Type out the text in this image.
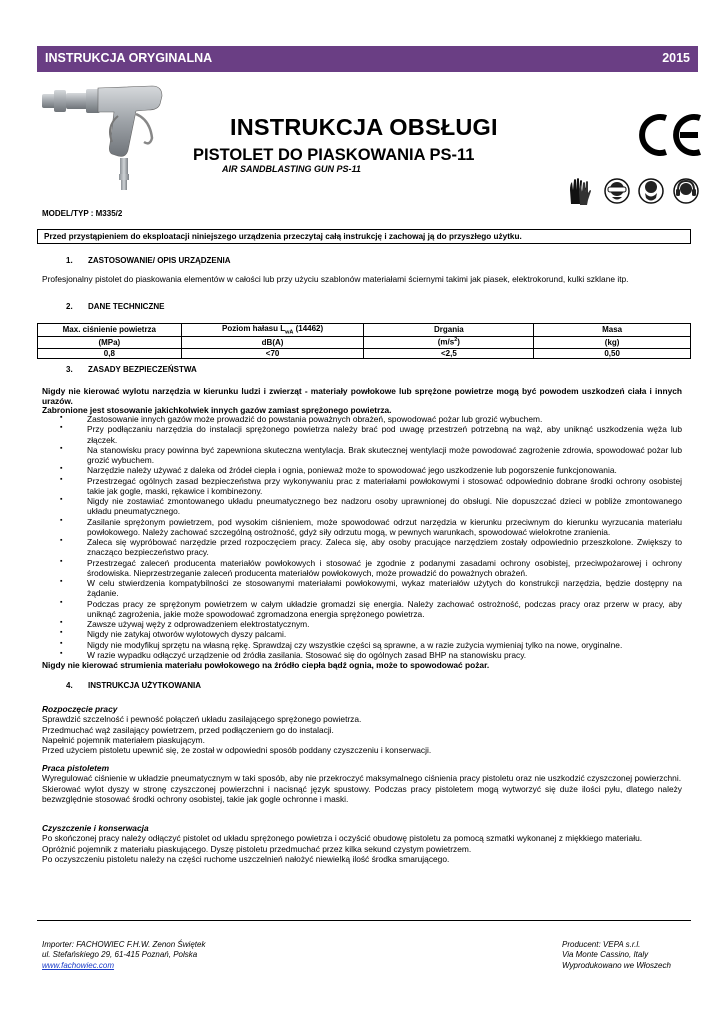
INSTRUKCJA ORYGINALNA	2015
INSTRUKCJA OBSŁUGI
PISTOLET DO PIASKOWANIA PS-11
AIR SANDBLASTING GUN PS-11
MODEL/TYP : M335/2
Przed przystąpieniem do eksploatacji niniejszego urządzenia przeczytaj całą instrukcję i zachowaj ją do przyszłego użytku.
1. ZASTOSOWANIE/ OPIS URZĄDZENIA
Profesjonalny pistolet do piaskowania elementów w całości lub przy użyciu szablonów materiałami ściernymi takimi jak piasek, elektrokorund, kulki szklane itp.
2. DANE TECHNICZNE
Max. ciśnienie powietrza	Poziom hałasu $L_{wA}$ (14462)	Drgania	Masa
(MPa)	dB(A)	$(m/s^2)$	(kg)
0,8	<70	<2,5	0,50
3. ZASADY BEZPIECZEŃSTWA
Nigdy nie kierować wylotu narzędzia w kierunku ludzi i zwierząt - materiały powłokowe lub sprężone powietrze mogą być powodem uszkodzeń ciała i innych urazów.
Zabronione jest stosowanie jakichkolwiek innych gazów zamiast sprężonego powietrza.
▪ Zastosowanie innych gazów może prowadzić do powstania poważnych obrażeń, spowodować pożar lub grozić wybuchem.
▪ Przy podłączaniu narzędzia do instalacji sprężonego powietrza należy brać pod uwagę przestrzeń potrzebną na wąż, aby uniknąć uszkodzenia węża lub złączek.
▪ Na stanowisku pracy powinna być zapewniona skuteczna wentylacja. Brak skutecznej wentylacji może powodować zagrożenie zdrowia, spowodować pożar lub grozić wybuchem.
▪ Narzędzie należy używać z daleka od źródeł ciepła i ognia, ponieważ może to spowodować jego uszkodzenie lub pogorszenie funkcjonowania.
▪ Przestrzegać ogólnych zasad bezpieczeństwa przy wykonywaniu prac z materiałami powłokowymi i stosować odpowiednio dobrane środki ochrony osobistej takie jak gogle, maski, rękawice i kombinezony.
▪ Nigdy nie zostawiać zmontowanego układu pneumatycznego bez nadzoru osoby uprawnionej do obsługi. Nie dopuszczać dzieci w pobliże zmontowanego układu pneumatycznego.
▪ Zasilanie sprężonym powietrzem, pod wysokim ciśnieniem, może spowodować odrzut narzędzia w kierunku przeciwnym do kierunku wyrzucania materiału powłokowego. Należy zachować szczególną ostrożność, gdyż siły odrzutu mogą, w pewnych warunkach, spowodować wielokrotne zranienia.
▪ Zaleca się wypróbować narzędzie przed rozpoczęciem pracy. Zaleca się, aby osoby pracujące narzędziem zostały odpowiednio przeszkolone. Zwiększy to znacząco bezpieczeństwo pracy.
▪ Przestrzegać zaleceń producenta materiałów powłokowych i stosować je zgodnie z podanymi zasadami ochrony osobistej, przeciwpożarowej i ochrony środowiska. Nieprzestrzeganie zaleceń producenta materiałów powłokowych, może prowadzić do poważnych obrażeń.
▪ W celu stwierdzenia kompatybilności ze stosowanymi materiałami powłokowymi, wykaz materiałów użytych do konstrukcji narzędzia, będzie dostępny na żądanie.
▪ Podczas pracy ze sprężonym powietrzem w całym układzie gromadzi się energia. Należy zachować ostrożność, podczas pracy oraz przerw w pracy, aby uniknąć zagrożenia, jakie może spowodować zgromadzona energia sprężonego powietrza.
▪ Zawsze używaj węży z odprowadzeniem elektrostatycznym.
▪ Nigdy nie zatykaj otworów wylotowych dyszy palcami.
▪ Nigdy nie modyfikuj sprzętu na własną rękę. Sprawdzaj czy wszystkie części są sprawne, a w razie zużycia wymieniaj tylko na nowe, oryginalne.
▪ W razie wypadku odłączyć urządzenie od źródła zasilania. Stosować się do ogólnych zasad BHP na stanowisku pracy.
Nigdy nie kierować strumienia materiału powłokowego na źródło ciepła bądź ognia, może to spowodować pożar.
4. INSTRUKCJA UŻYTKOWANIA
Rozpoczęcie pracy
Sprawdzić szczelność i pewność połączeń układu zasilającego sprężonego powietrza.
Przedmuchać wąż zasilający powietrzem, przed podłączeniem go do instalacji.
Napełnić pojemnik materiałem piaskującym.
Przed użyciem pistoletu upewnić się, że został w odpowiedni sposób poddany czyszczeniu i konserwacji.
Praca pistoletem
Wyregulować ciśnienie w układzie pneumatycznym w taki sposób, aby nie przekroczyć maksymalnego ciśnienia pracy pistoletu oraz nie uszkodzić czyszczonej powierzchni.
Skierować wylot dyszy w stronę czyszczonej powierzchni i nacisnąć język spustowy. Podczas pracy pistoletem mogą wytworzyć się duże ilości pyłu, dlatego należy bezwzględnie stosować środki ochrony osobistej, takie jak gogle ochronne i maski.
Czyszczenie i konserwacja
Po skończonej pracy należy odłączyć pistolet od układu sprężonego powietrza i oczyścić obudowę pistoletu za pomocą szmatki wykonanej z miękkiego materiału.
Opróżnić pojemnik z materiału piaskującego. Dyszę pistoletu przedmuchać przez kilka sekund czystym powietrzem.
Po oczyszczeniu pistoletu należy na części ruchome uszczelnień nałożyć niewielką ilość środka smarującego.
Importer: FACHOWIEC F.H.W. Zenon Świętek
ul. Stefańskiego 29, 61-415 Poznań, Polska
www.fachowiec.com
Producent: VEPA s.r.l.
Via Monte Cassino, Italy
Wyprodukowano we Włoszech
